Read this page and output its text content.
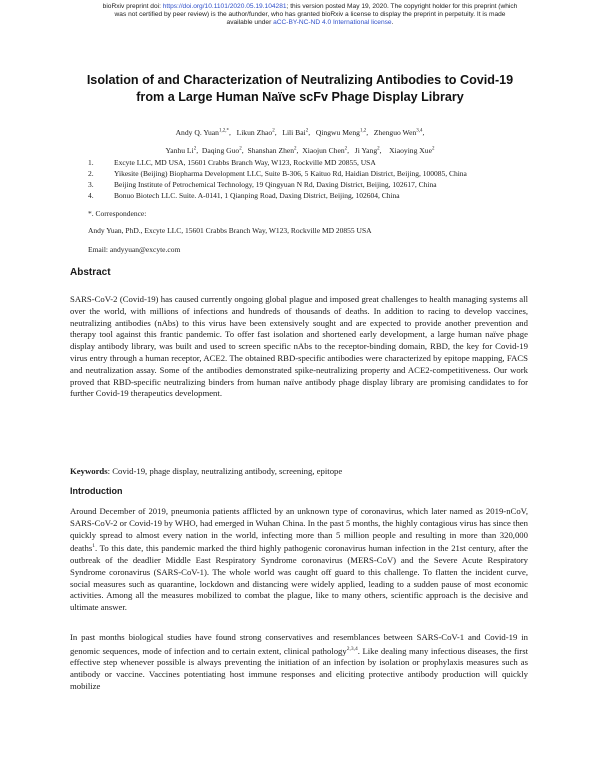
bioRxiv preprint doi: https://doi.org/10.1101/2020.05.19.104281; this version posted May 19, 2020. The copyright holder for this preprint (which
was not certified by peer review) is the author/funder, who has granted bioRxiv a license to display the preprint in perpetuity. It is made
available under aCC-BY-NC-ND 4.0 International license.
Isolation of and Characterization of Neutralizing Antibodies to Covid-19
from a Large Human Naïve scFv Phage Display Library
Andy Q. Yuan$^{1,2,*}$,   Likun Zhao$^2$,   Lili Bai$^2$,   Qingwu Meng$^{1,2}$,   Zhenguo Wen$^{3,4}$,
Yanhu Li$^2$,  Daqing Guo$^2$,  Shanshan Zhen$^2$,  Xiaojun Chen$^2$,   Ji Yang$^2$,    Xiaoying Xue$^2$
1.	Excyte LLC, MD USA, 15601 Crabbs Branch Way, W123, Rockville MD 20855, USA
2.	Yikesite (Beijing) Biopharma Development LLC, Suite B-306, 5 Kaituo Rd, Haidian District, Beijing, 100085, China
3.	Beijing Institute of Petrochemical Technology, 19 Qingyuan N Rd, Daxing District, Beijing, 102617, China
4.	Bonuo Biotech LLC. Suite. A-0141, 1 Qianping Road, Daxing District, Beijing, 102604, China
*. Correspondence:
Andy Yuan, PhD., Excyte LLC, 15601 Crabbs Branch Way, W123, Rockville MD 20855 USA
Email: andyyuan@excyte.com
Abstract

SARS-CoV-2 (Covid-19) has caused currently ongoing global plague and imposed great challenges to health managing systems all over the world, with millions of infections and hundreds of thousands of deaths. In addition to racing to develop vaccines, neutralizing antibodies (nAbs) to this virus have been extensively sought and are expected to provide another prevention and therapy tool against this frantic pandemic. To offer fast isolation and shortened early development, a large human naïve phage display antibody library, was built and used to screen specific nAbs to the receptor-binding domain, RBD, the key for Covid-19 virus entry through a human receptor, ACE2. The obtained RBD-specific antibodies were characterized by epitope mapping, FACS and neutralization assay. Some of the antibodies demonstrated spike-neutralizing property and ACE2-competitiveness. Our work proved that RBD-specific neutralizing binders from human naïve antibody phage display library are promising candidates to for further Covid-19 therapeutics development.

Keywords: Covid-19, phage display, neutralizing antibody, screening, epitope
Introduction

Around December of 2019, pneumonia patients afflicted by an unknown type of coronavirus, which later named as 2019-nCoV, SARS-CoV-2 or Covid-19 by WHO, had emerged in Wuhan China. In the past 5 months, the highly contagious virus has since then quickly spread to almost every nation in the world, infecting more than 5 million people and resulting in more than 320,000 deaths$^1$. To this date, this pandemic marked the third highly pathogenic coronavirus human infection in the 21st century, after the outbreak of the deadlier Middle East Respiratory Syndrome coronavirus (MERS-CoV) and the Severe Acute Respiratory Syndrome coronavirus (SARS-CoV-1). The whole world was caught off guard to this challenge. To flatten the incident curve, social measures such as quarantine, lockdown and distancing were widely applied, leading to a sudden pause of most economic activities. Among all the measures mobilized to combat the plague, like to many others, scientific approach is the decisive and ultimate answer.

In past months biological studies have found strong conservatives and resemblances between SARS-CoV-1 and Covid-19 in genomic sequences, mode of infection and to certain extent, clinical pathology$^{2,3,4}$. Like dealing many infectious diseases, the first effective step whenever possible is always preventing the initiation of an infection by isolation or prophylaxis measures such as antibody or vaccine. Vaccines potentiating host immune responses and eliciting protective antibody production will quickly mobilize
